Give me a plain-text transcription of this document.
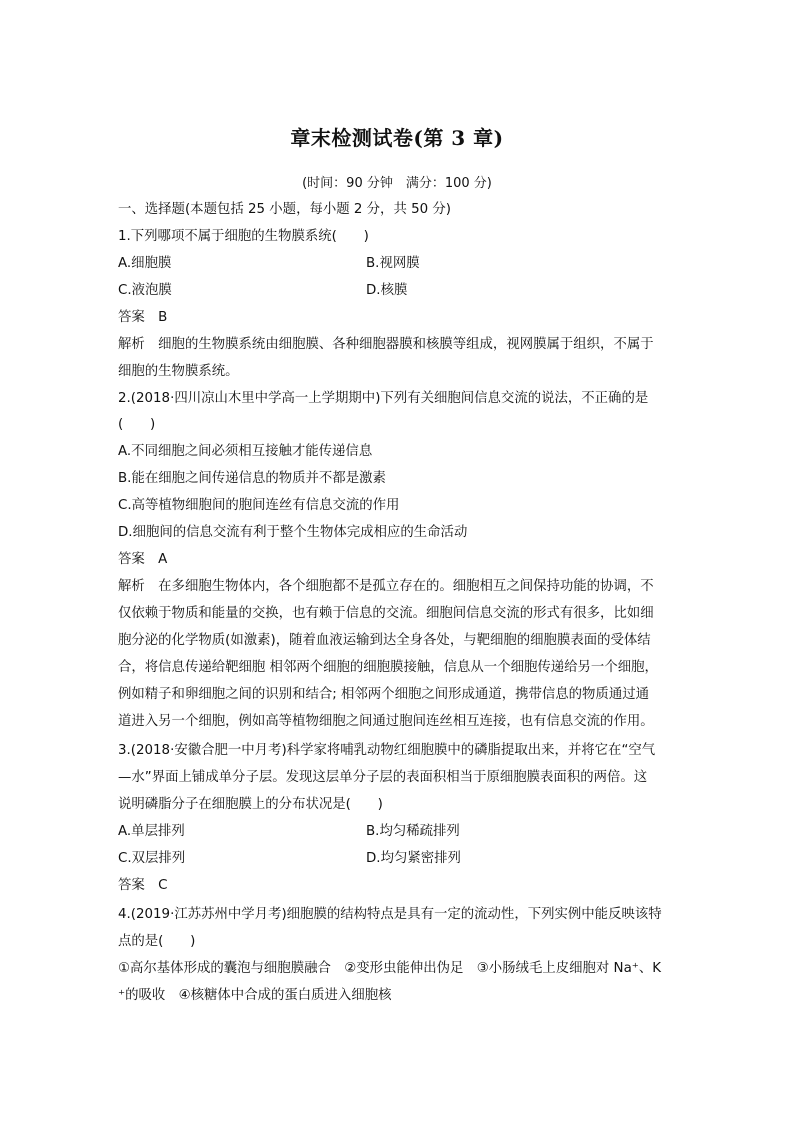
章末检测试卷(第 3 章)
(时间：90 分钟　满分：100 分)
一、选择题(本题包括 25 小题，每小题 2 分，共 50 分)
1.下列哪项不属于细胞的生物膜系统(　　)
A.细胞膜	B.视网膜
C.液泡膜	D.核膜
答案　B
解析　细胞的生物膜系统由细胞膜、各种细胞器膜和核膜等组成，视网膜属于组织，不属于
细胞的生物膜系统。
2.(2018·四川凉山木里中学高一上学期期中)下列有关细胞间信息交流的说法，不正确的是
(　　)
A.不同细胞之间必须相互接触才能传递信息
B.能在细胞之间传递信息的物质并不都是激素
C.高等植物细胞间的胞间连丝有信息交流的作用
D.细胞间的信息交流有利于整个生物体完成相应的生命活动
答案　A
解析　在多细胞生物体内，各个细胞都不是孤立存在的。细胞相互之间保持功能的协调，不
仅依赖于物质和能量的交换，也有赖于信息的交流。细胞间信息交流的形式有很多，比如细
胞分泌的化学物质(如激素)，随着血液运输到达全身各处，与靶细胞的细胞膜表面的受体结
合，将信息传递给靶细胞 相邻两个细胞的细胞膜接触，信息从一个细胞传递给另一个细胞，
例如精子和卵细胞之间的识别和结合; 相邻两个细胞之间形成通道，携带信息的物质通过通
道进入另一个细胞，例如高等植物细胞之间通过胞间连丝相互连接，也有信息交流的作用。
3.(2018·安徽合肥一中月考)科学家将哺乳动物红细胞膜中的磷脂提取出来，并将它在“空气
—水”界面上铺成单分子层。发现这层单分子层的表面积相当于原细胞膜表面积的两倍。这
说明磷脂分子在细胞膜上的分布状况是(　　)
A.单层排列	B.均匀稀疏排列
C.双层排列	D.均匀紧密排列
答案　C
4.(2019·江苏苏州中学月考)细胞膜的结构特点是具有一定的流动性，下列实例中能反映该特
点的是(　　)
①高尔基体形成的囊泡与细胞膜融合　②变形虫能伸出伪足　③小肠绒毛上皮细胞对 Na⁺、K
⁺的吸收　④核糖体中合成的蛋白质进入细胞核
